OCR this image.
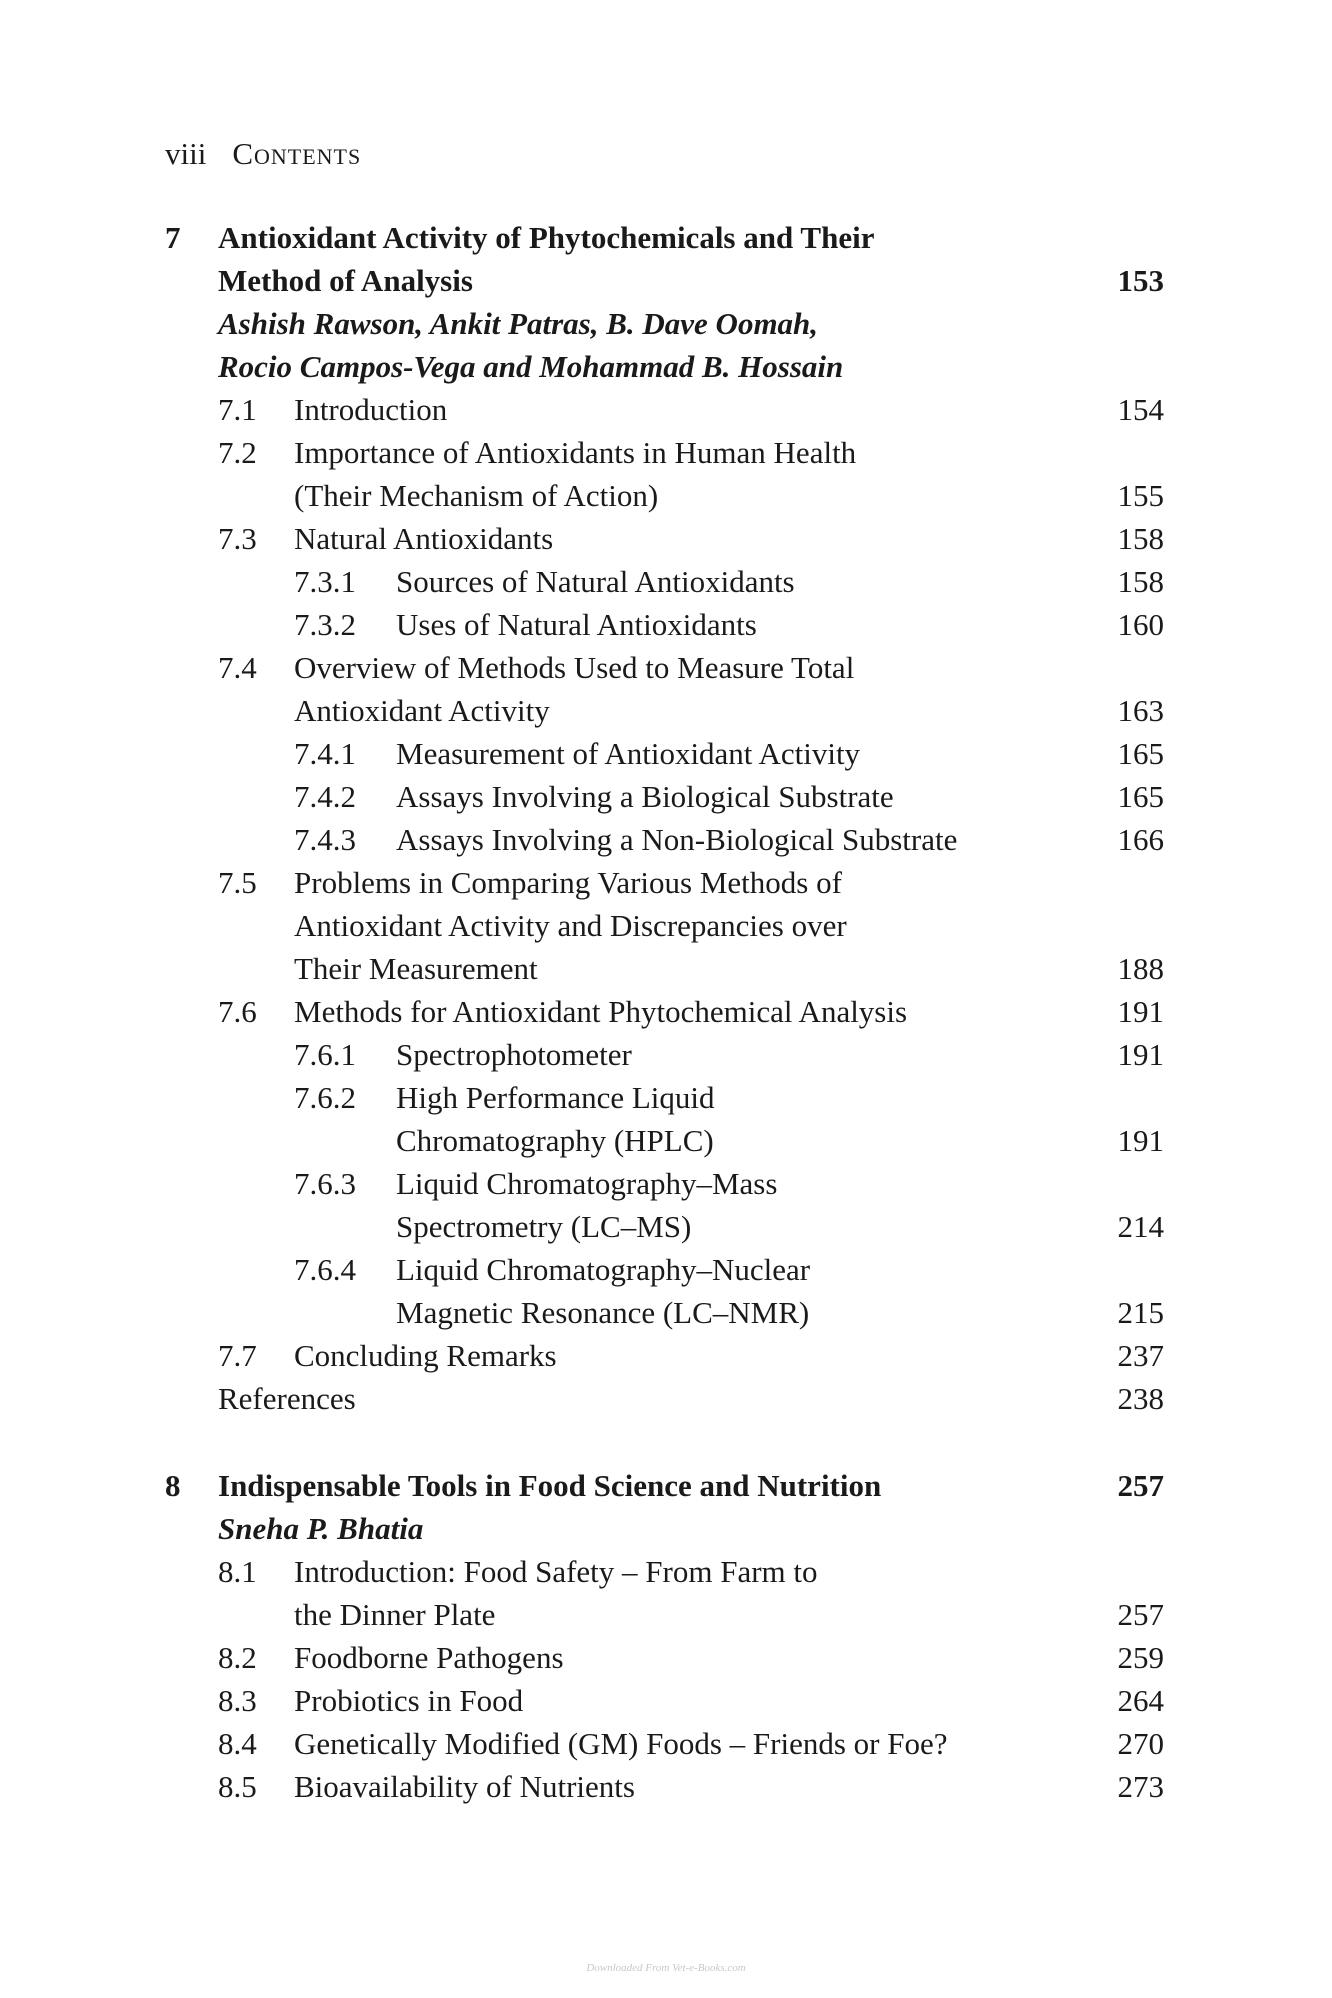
viii Contents
7 Antioxidant Activity of Phytochemicals and Their
Method of Analysis	153
Ashish Rawson, Ankit Patras, B. Dave Oomah,
Rocio Campos-Vega and Mohammad B. Hossain
7.1 Introduction	154
7.2 Importance of Antioxidants in Human Health
(Their Mechanism of Action)	155
7.3 Natural Antioxidants	158
7.3.1 Sources of Natural Antioxidants	158
7.3.2 Uses of Natural Antioxidants	160
7.4 Overview of Methods Used to Measure Total
Antioxidant Activity	163
7.4.1 Measurement of Antioxidant Activity	165
7.4.2 Assays Involving a Biological Substrate	165
7.4.3 Assays Involving a Non-Biological Substrate	166
7.5 Problems in Comparing Various Methods of
Antioxidant Activity and Discrepancies over
Their Measurement	188
7.6 Methods for Antioxidant Phytochemical Analysis	191
7.6.1 Spectrophotometer	191
7.6.2 High Performance Liquid
Chromatography (HPLC)	191
7.6.3 Liquid Chromatography–Mass
Spectrometry (LC–MS)	214
7.6.4 Liquid Chromatography–Nuclear
Magnetic Resonance (LC–NMR)	215
7.7 Concluding Remarks	237
References	238
8 Indispensable Tools in Food Science and Nutrition	257
Sneha P. Bhatia
8.1 Introduction: Food Safety – From Farm to
the Dinner Plate	257
8.2 Foodborne Pathogens	259
8.3 Probiotics in Food	264
8.4 Genetically Modified (GM) Foods – Friends or Foe?	270
8.5 Bioavailability of Nutrients	273
Downloaded From Vet-e-Books.com
